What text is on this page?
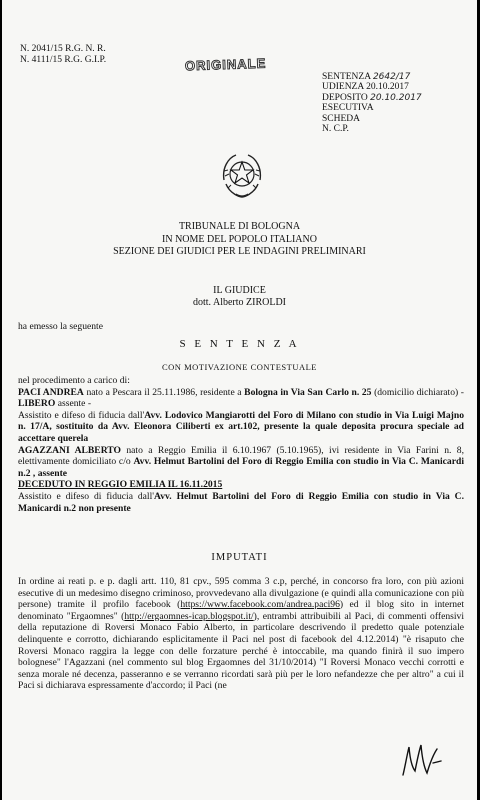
N. 2041/15 R.G. N. R.
N. 4111/15 R.G. G.I.P.	ORIGINALE
SENTENZA 2642/17
UDIENZA 20.10.2017
DEPOSITO 20.10.2017
ESECUTIVA
SCHEDA
N. C.P.
TRIBUNALE DI BOLOGNA
IN NOME DEL POPOLO ITALIANO
SEZIONE DEI GIUDICI PER LE INDAGINI PRELIMINARI
IL GIUDICE
dott. Alberto ZIROLDI
ha emesso la seguente
S E N T E N Z A
CON MOTIVAZIONE CONTESTUALE
nel procedimento a carico di:
PACI ANDREA nato a Pescara il 25.11.1986, residente a Bologna in Via San Carlo n. 25 (domicilio dichiarato) - LIBERO assente -
Assistito e difeso di fiducia dall'Avv. Lodovico Mangiarotti del Foro di Milano con studio in Via Luigi Majno n. 17/A, sostituito da Avv. Eleonora Ciliberti ex art.102, presente la quale deposita procura speciale ad accettare querela
AGAZZANI ALBERTO nato a Reggio Emilia il 6.10.1967 (5.10.1965), ivi residente in Via Farini n. 8, elettivamente domiciliato c/o Avv. Helmut Bartolini del Foro di Reggio Emilia con studio in Via C. Manicardi n.2 , assente
DECEDUTO IN REGGIO EMILIA IL 16.11.2015
Assistito e difeso di fiducia dall'Avv. Helmut Bartolini del Foro di Reggio Emilia con studio in Via C. Manicardi n.2 non presente
IMPUTATI
In ordine ai reati p. e p. dagli artt. 110, 81 cpv., 595 comma 3 c.p, perché, in concorso fra loro, con più azioni esecutive di un medesimo disegno criminoso, provvedevano alla divulgazione (e quindi alla comunicazione con più persone) tramite il profilo facebook (https://www.facebook.com/andrea.paci96) ed il blog sito in internet denominato "Ergaomnes" (http://ergaomnes-icap.blogspot.it/), entrambi attribuibili al Paci, di commenti offensivi della reputazione di Roversi Monaco Fabio Alberto, in particolare descrivendo il predetto quale potenziale delinquente e corrotto, dichiarando esplicitamente il Paci nel post di facebook del 4.12.2014) "è risaputo che Roversi Monaco raggira la legge con delle forzature perché è intoccabile, ma quando finirà il suo impero bolognese" l'Agazzani (nel commento sul blog Ergaomnes del 31/10/2014) "I Roversi Monaco vecchi corrotti e senza morale né decenza, passeranno e se verranno ricordati sarà più per le loro nefandezze che per altro" a cui il Paci si dichiarava espressamente d'accordo; il Paci (ne
